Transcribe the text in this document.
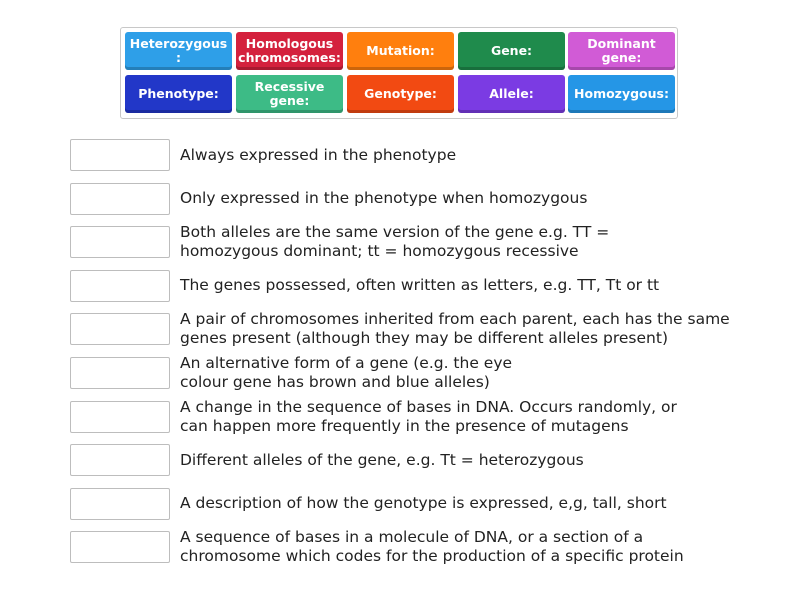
Heterozygous
:
Homologous chromosomes: Mutation:	Gene:	Dominant gene:
Phenotype:	Recessive gene:	Genotype:	Allele:	Homozygous:
Always expressed in the phenotype
Only expressed in the phenotype when homozygous
Both alleles are the same version of the gene e.g. TT = homozygous dominant; tt = homozygous recessive
The genes possessed, often written as letters, e.g. TT, Tt or tt
A pair of chromosomes inherited from each parent, each has the same genes present (although they may be different alleles present)
An alternative form of a gene (e.g. the eye colour gene has brown and blue alleles)
A change in the sequence of bases in DNA. Occurs randomly, or can happen more frequently in the presence of mutagens
Different alleles of the gene, e.g. Tt = heterozygous
A description of how the genotype is expressed, e,g, tall, short
A sequence of bases in a molecule of DNA, or a section of a chromosome which codes for the production of a specific protein
